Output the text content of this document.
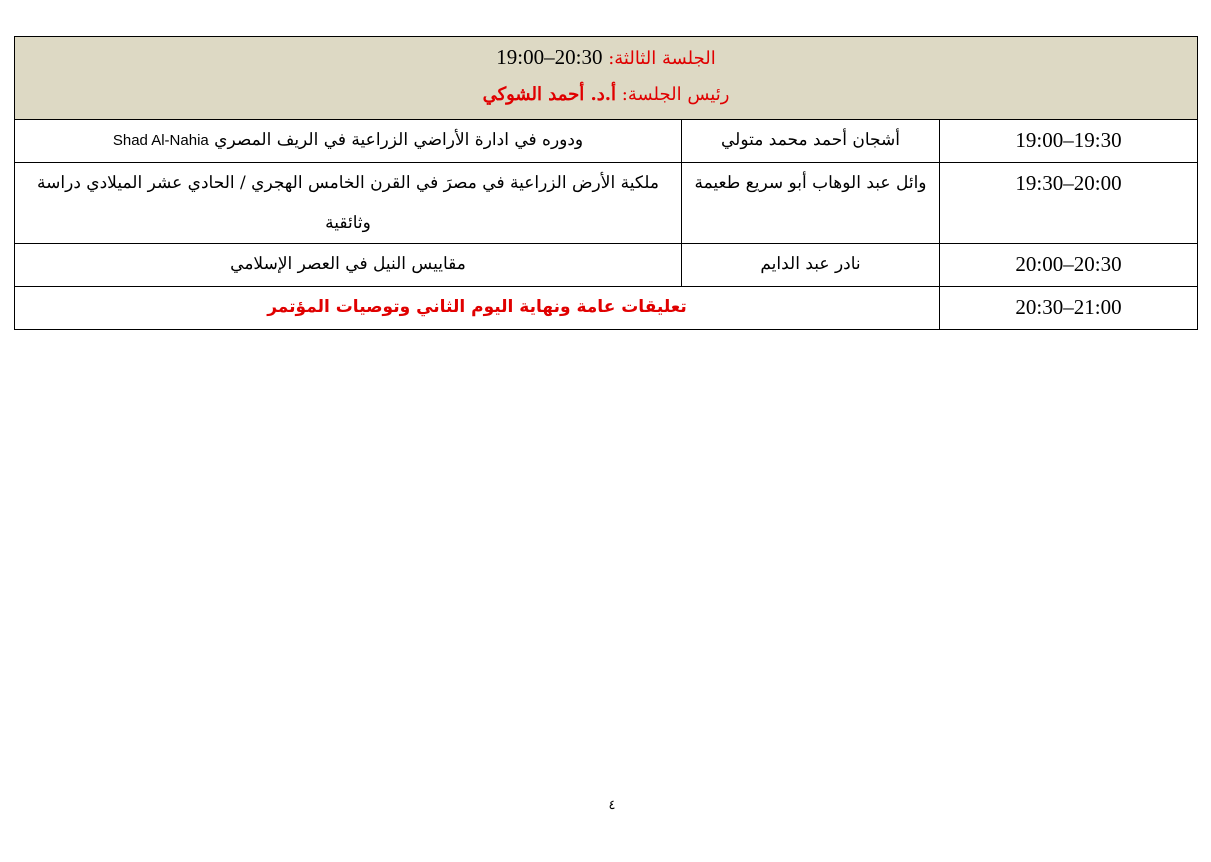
الجلسة الثالثة: 19:00–20:30
رئيس الجلسة: أ.د. أحمد الشوكي		

19:00–19:30	أشجان أحمد محمد متولي	ودوره في ادارة الأراضي الزراعية في الريف المصري Shad Al-Nahia
19:30–20:00	وائل عبد الوهاب أبو سريع طعيمة	ملكية الأرض الزراعية في مصرَ في القرن الخامس الهجري / الحادي عشر الميلادي دراسة وثائقية
20:00–20:30	نادر عبد الدايم	مقاييس النيل في العصر الإسلامي
20:30–21:00	تعليقات عامة ونهاية اليوم الثاني وتوصيات المؤتمر	
٤
